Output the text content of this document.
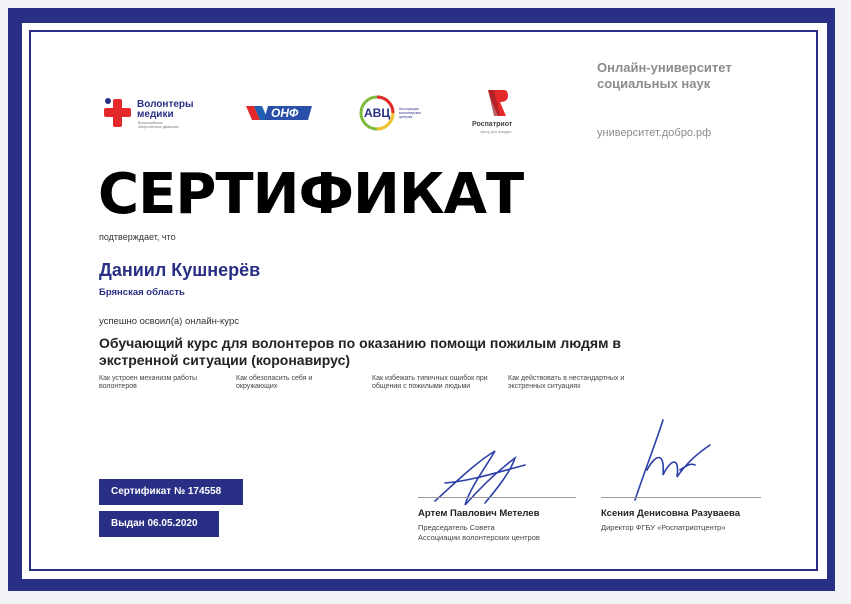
Волонтеры
медики
Всероссийское
общественное движение
ОНФ	АВЦ	Ассоциация
волонтерских
центров
Роспатриот
Центр для граждан
Онлайн-университет
социальных наук
университет.добро.рф
СЕРТИФИКАТ
подтверждает, что
Даниил Кушнерёв
Брянская область
успешно освоил(а) онлайн-курс
Обучающий курс для волонтеров по оказанию помощи пожилым людям в экстренной ситуации (коронавирус)
Как устроен механизм работы волонтеров
Как обезопасить себя и окружающих
Как избежать типичных ошибок при общении с пожилыми людьми
Как действовать в нестандартных и экстренных ситуациях
Сертификат № 174558
Выдан 06.05.2020
Артем Павлович Метелев
Председатель Совета
Ассоциации волонтерских центров
Ксения Денисовна Разуваева
Директор ФГБУ «Роспатриотцентр»
